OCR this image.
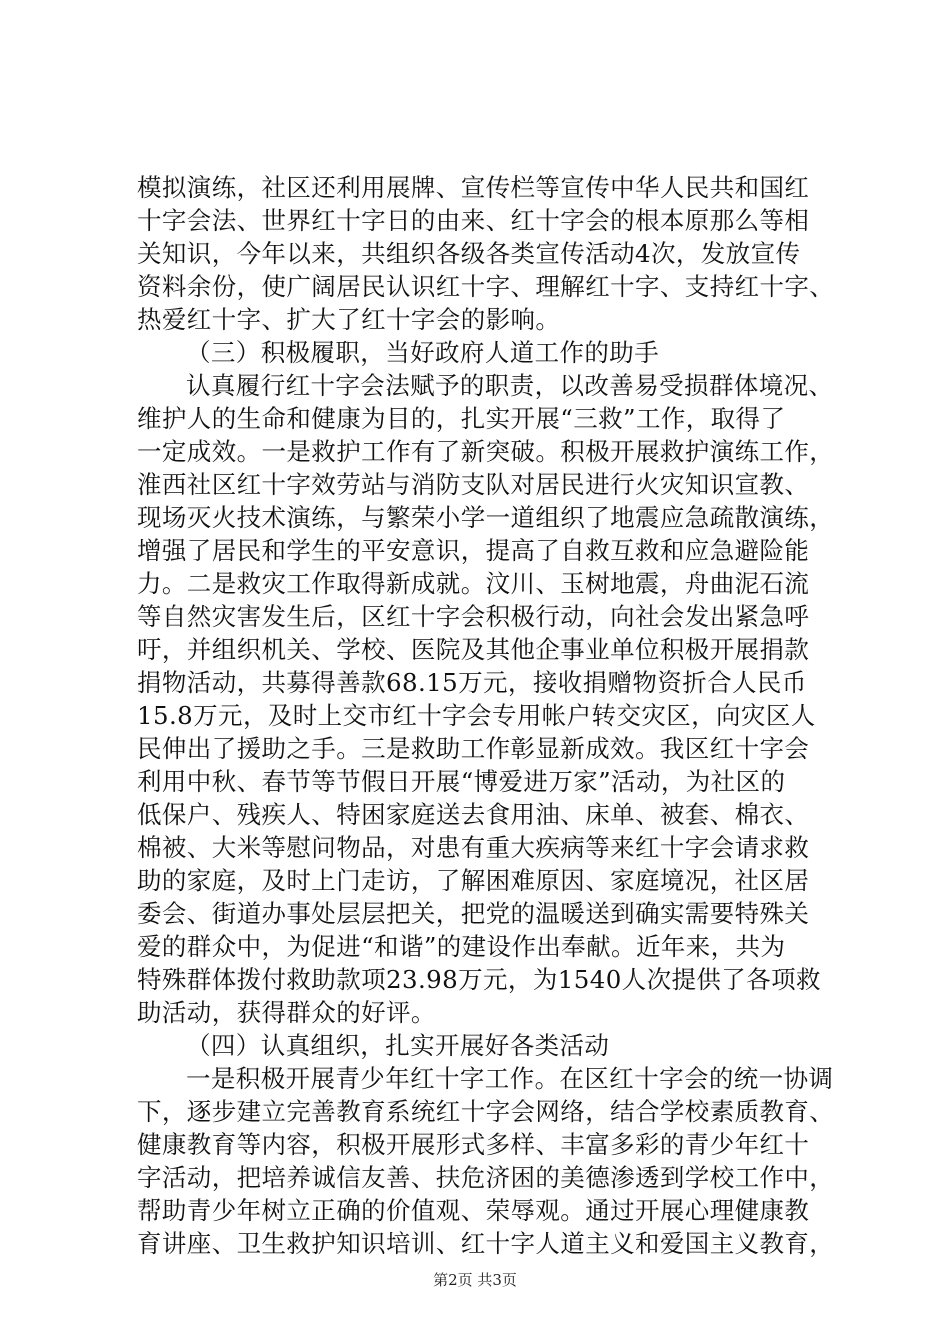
模拟演练，社区还利用展牌、宣传栏等宣传中华人民共和国红
十字会法、世界红十字日的由来、红十字会的根本原那么等相
关知识，今年以来，共组织各级各类宣传活动4次，发放宣传
资料余份，使广阔居民认识红十字、理解红十字、支持红十字、
热爱红十字、扩大了红十字会的影响。
（三）积极履职，当好政府人道工作的助手
认真履行红十字会法赋予的职责，以改善易受损群体境况、
维护人的生命和健康为目的，扎实开展“三救”工作，取得了
一定成效。一是救护工作有了新突破。积极开展救护演练工作，
淮西社区红十字效劳站与消防支队对居民进行火灾知识宣教、
现场灭火技术演练，与繁荣小学一道组织了地震应急疏散演练，
增强了居民和学生的平安意识，提高了自救互救和应急避险能
力。二是救灾工作取得新成就。汶川、玉树地震，舟曲泥石流
等自然灾害发生后，区红十字会积极行动，向社会发出紧急呼
吁，并组织机关、学校、医院及其他企事业单位积极开展捐款
捐物活动，共募得善款68.15万元，接收捐赠物资折合人民币
15.8万元，及时上交市红十字会专用帐户转交灾区，向灾区人
民伸出了援助之手。三是救助工作彰显新成效。我区红十字会
利用中秋、春节等节假日开展“博爱进万家”活动，为社区的
低保户、残疾人、特困家庭送去食用油、床单、被套、棉衣、
棉被、大米等慰问物品，对患有重大疾病等来红十字会请求救
助的家庭，及时上门走访，了解困难原因、家庭境况，社区居
委会、街道办事处层层把关，把党的温暖送到确实需要特殊关
爱的群众中，为促进“和谐”的建设作出奉献。近年来，共为
特殊群体拨付救助款项23.98万元，为1540人次提供了各项救
助活动，获得群众的好评。
（四）认真组织，扎实开展好各类活动
一是积极开展青少年红十字工作。在区红十字会的统一协调
下，逐步建立完善教育系统红十字会网络，结合学校素质教育、
健康教育等内容，积极开展形式多样、丰富多彩的青少年红十
字活动，把培养诚信友善、扶危济困的美德渗透到学校工作中，
帮助青少年树立正确的价值观、荣辱观。通过开展心理健康教
育讲座、卫生救护知识培训、红十字人道主义和爱国主义教育，
第2页 共3页
